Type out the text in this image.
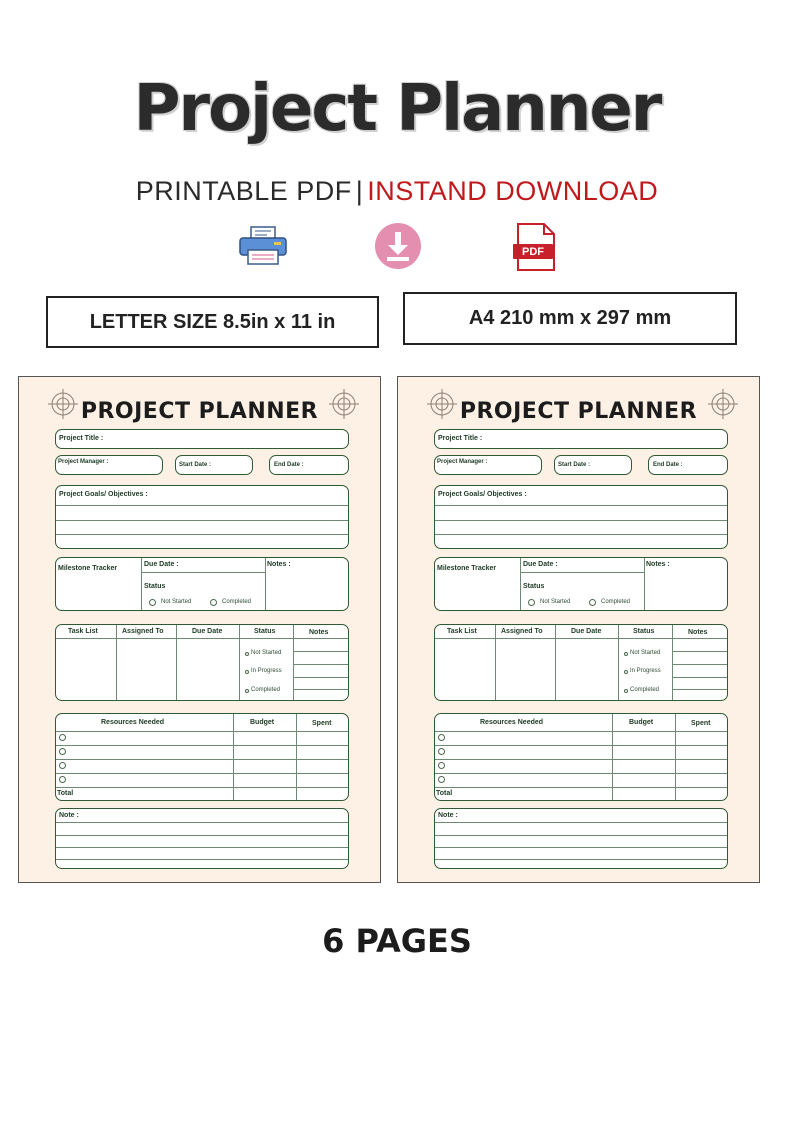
Project Planner
PRINTABLE PDF | INSTAND DOWNLOAD
PDF
LETTER SIZE 8.5in x 11 in	A4 210 mm x 297 mm
PROJECT PLANNER
Project Title :
Project Manager :	Start Date :	End Date :
Project Goals/ Objectives :
Milestone Tracker
Due Date :	Notes :
Status
Not Started	Completed
Task List	Assigned To	Due Date	Status	Notes
Not Started
In Progress
Completed
Resources Needed	Budget	Spent
Total
Note :
PROJECT PLANNER
Project Title :
Project Manager :	Start Date :	End Date :
Project Goals/ Objectives :
Milestone Tracker
Due Date :	Notes :
Status
Not Started	Completed
Task List	Assigned To	Due Date	Status	Notes
Not Started
In Progress
Completed
Resources Needed	Budget	Spent
Total
Note :
6 PAGES
